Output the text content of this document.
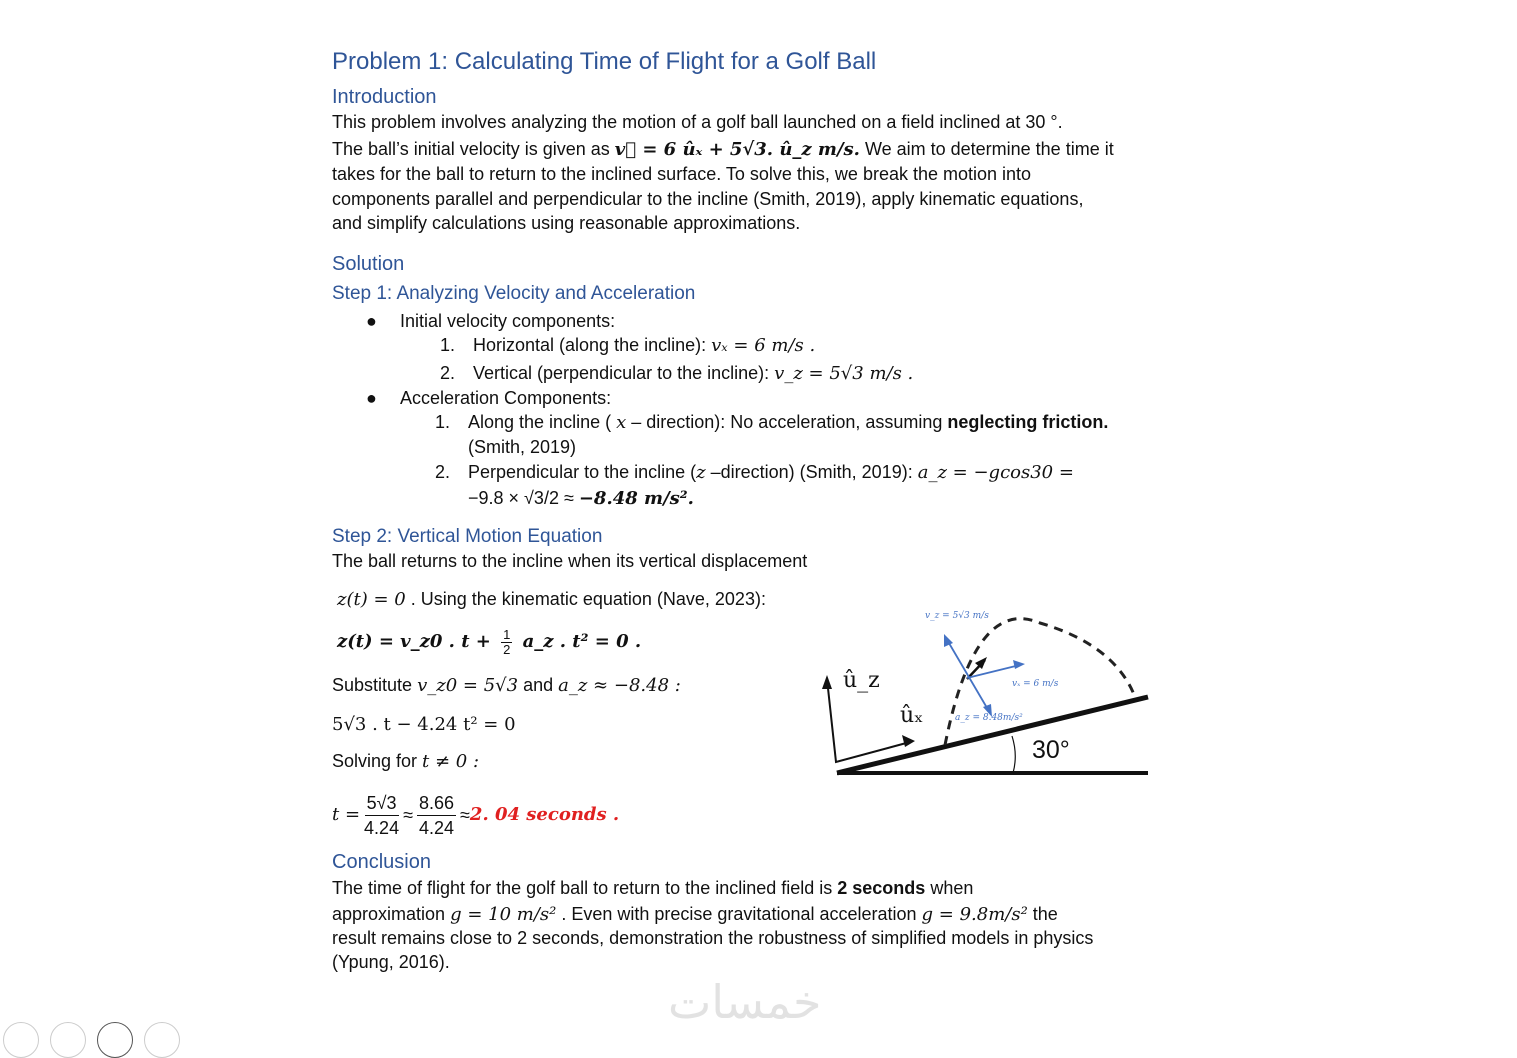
Problem 1: Calculating Time of Flight for a Golf Ball
Introduction
This problem involves analyzing the motion of a golf ball launched on a field inclined at 30 °.
The ball’s initial velocity is given as v⃗ = 6 ûₓ + 5√3. û_z m/s. We aim to determine the time it
takes for the ball to return to the inclined surface. To solve this, we break the motion into
components parallel and perpendicular to the incline (Smith, 2019), apply kinematic equations,
and simplify calculations using reasonable approximations.
Solution
Step 1: Analyzing Velocity and Acceleration
● Initial velocity components:
1. Horizontal (along the incline): vₓ = 6 m/s .
2. Vertical (perpendicular to the incline): v_z = 5√3 m/s .
● Acceleration Components:
1. Along the incline ( x – direction): No acceleration, assuming neglecting friction.
(Smith, 2019)
2. Perpendicular to the incline (z –direction) (Smith, 2019): a_z = −gcos30 =
−9.8 × √3/2 ≈ −8.48 m/s².
Step 2: Vertical Motion Equation
The ball returns to the incline when its vertical displacement
z(t) = 0 . Using the kinematic equation (Nave, 2023):
z(t) = v_z0 . $t + \frac{1}{2}$ a_z . t² = 0 .
Substitute v_z0 = 5√3 and a_z ≈ −8.48 :
5√3 . t − 4.24 t² = 0
Solving for t ≠ 0 :
$t = \frac{5√3}{4.24} \approx \frac{8.66}{4.24} \approx 2$. 04 seconds .
v_z = 5√3 m/s
vₓ = 6 m/s
a_z = 8.48m/s²
û_z
ûₓ
30°
Conclusion
The time of flight for the golf ball to return to the inclined field is 2 seconds when
approximation g = 10 m/s² . Even with precise gravitational acceleration g = 9.8m/s² the
result remains close to 2 seconds, demonstration the robustness of simplified models in physics
(Ypung, 2016).
خمسات
